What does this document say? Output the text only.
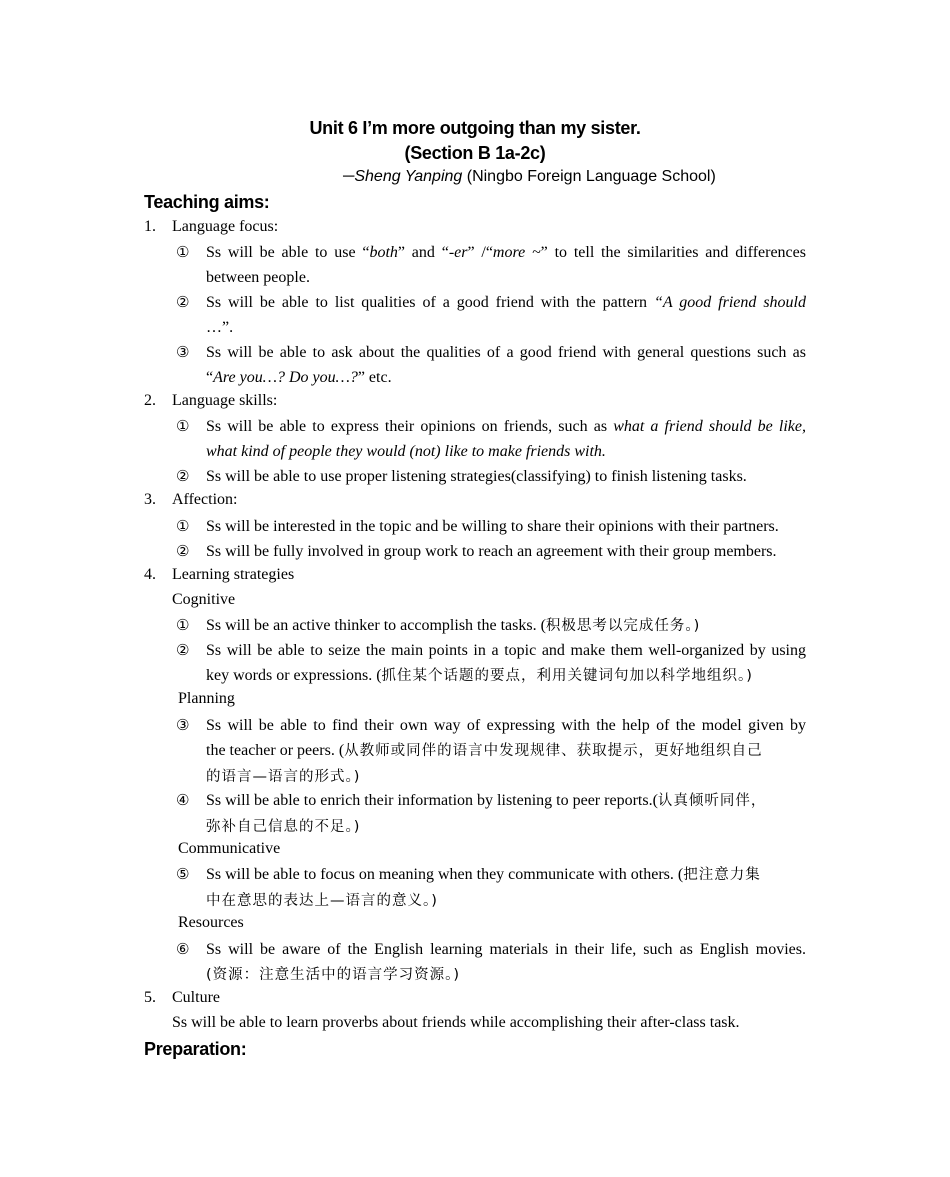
Unit 6 I’m more outgoing than my sister.
(Section B 1a-2c)
─Sheng Yanping (Ningbo Foreign Language School)
Teaching aims:
1. Language focus:
① Ss will be able to use “both” and “-er” /“more ~” to tell the similarities and differences
between people.
② Ss will be able to list qualities of a good friend with the pattern “A good friend should
…”.
③ Ss will be able to ask about the qualities of a good friend with general questions such as
“Are you…? Do you…?” etc.
2. Language skills:
① Ss will be able to express their opinions on friends, such as what a friend should be like,
what kind of people they would (not) like to make friends with.
② Ss will be able to use proper listening strategies(classifying) to finish listening tasks.
3. Affection:
① Ss will be interested in the topic and be willing to share their opinions with their partners.
② Ss will be fully involved in group work to reach an agreement with their group members.
4. Learning strategies
Cognitive
① Ss will be an active thinker to accomplish the tasks. (积极思考以完成任务。)
② Ss will be able to seize the main points in a topic and make them well-organized by using
key words or expressions. (抓住某个话题的要点，利用关键词句加以科学地组织。)
Planning
③ Ss will be able to find their own way of expressing with the help of the model given by
the teacher or peers. (从教师或同伴的语言中发现规律、获取提示，更好地组织自己
的语言—语言的形式。)
④ Ss will be able to enrich their information by listening to peer reports.(认真倾听同伴，
弥补自己信息的不足。)
Communicative
⑤ Ss will be able to focus on meaning when they communicate with others. (把注意力集
中在意思的表达上—语言的意义。)
Resources
⑥ Ss will be aware of the English learning materials in their life, such as English movies.
(资源：注意生活中的语言学习资源。)
5. Culture
Ss will be able to learn proverbs about friends while accomplishing their after-class task.
Preparation:
